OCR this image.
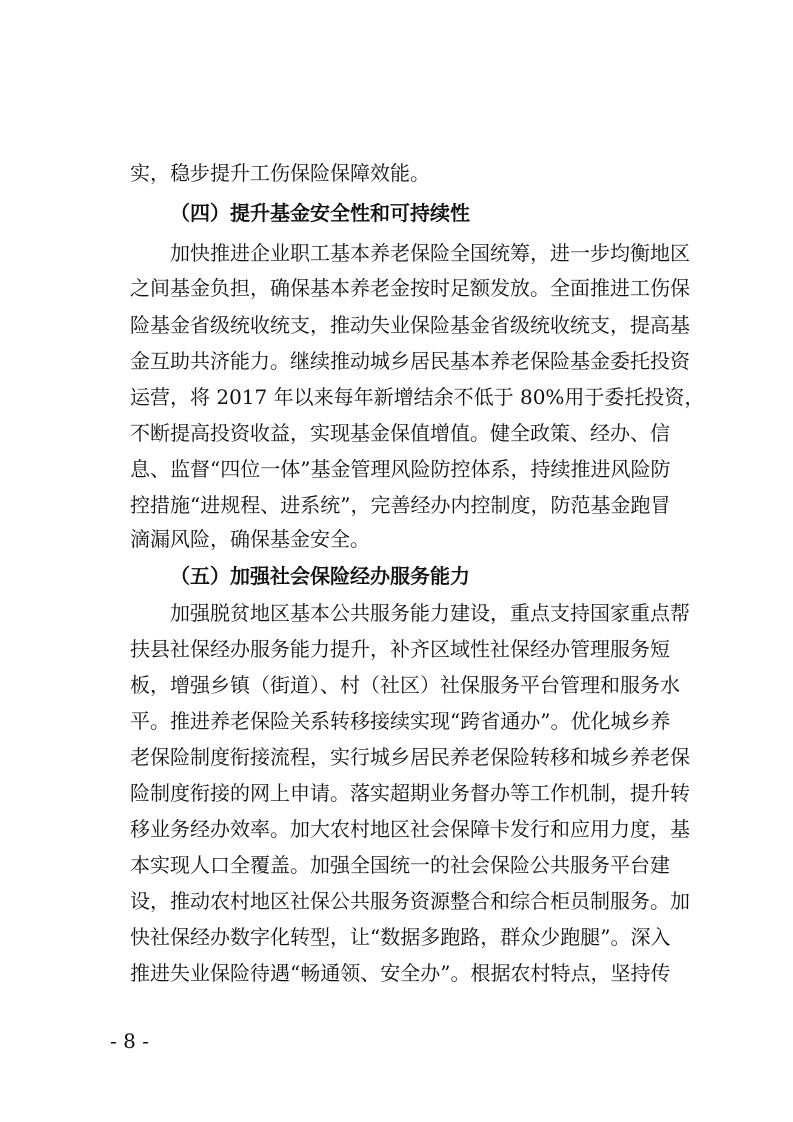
实，稳步提升工伤保险保障效能。
（四）提升基金安全性和可持续性
加快推进企业职工基本养老保险全国统筹，进一步均衡地区
之间基金负担，确保基本养老金按时足额发放。全面推进工伤保
险基金省级统收统支，推动失业保险基金省级统收统支，提高基
金互助共济能力。继续推动城乡居民基本养老保险基金委托投资
运营，将 2017 年以来每年新增结余不低于 80%用于委托投资，
不断提高投资收益，实现基金保值增值。健全政策、经办、信
息、监督“四位一体”基金管理风险防控体系，持续推进风险防
控措施“进规程、进系统”，完善经办内控制度，防范基金跑冒
滴漏风险，确保基金安全。
（五）加强社会保险经办服务能力
加强脱贫地区基本公共服务能力建设，重点支持国家重点帮
扶县社保经办服务能力提升，补齐区域性社保经办管理服务短
板，增强乡镇（街道）、村（社区）社保服务平台管理和服务水
平。推进养老保险关系转移接续实现“跨省通办”。优化城乡养
老保险制度衔接流程，实行城乡居民养老保险转移和城乡养老保
险制度衔接的网上申请。落实超期业务督办等工作机制，提升转
移业务经办效率。加大农村地区社会保障卡发行和应用力度，基
本实现人口全覆盖。加强全国统一的社会保险公共服务平台建
设，推动农村地区社保公共服务资源整合和综合柜员制服务。加
快社保经办数字化转型，让“数据多跑路，群众少跑腿”。深入
推进失业保险待遇“畅通领、安全办”。根据农村特点，坚持传
- 8 -
